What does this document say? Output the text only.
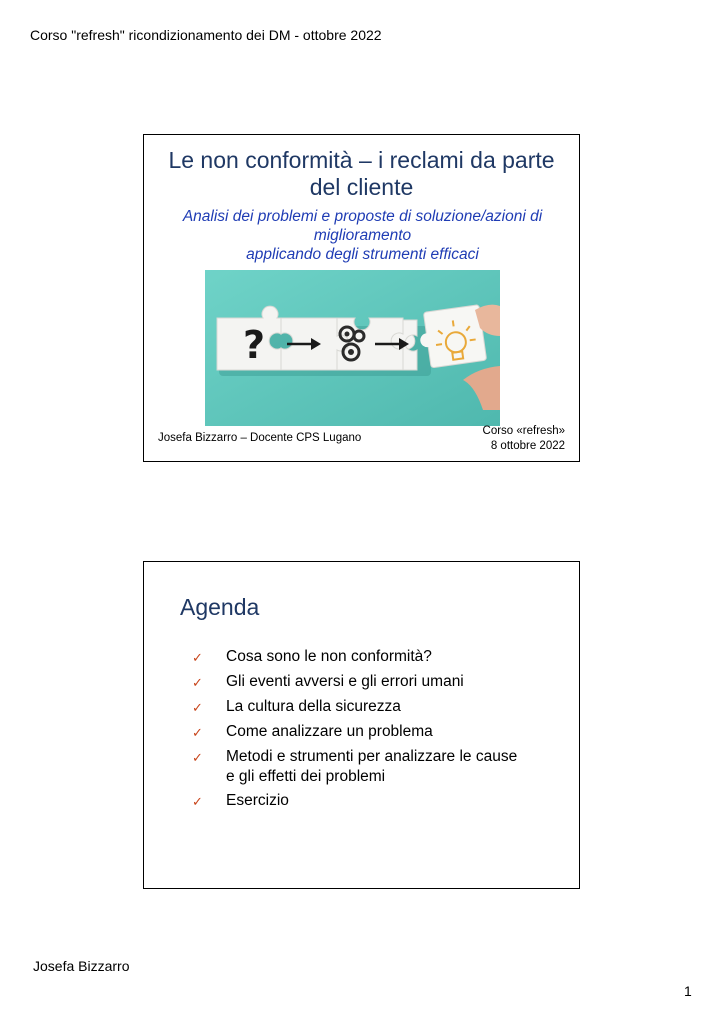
Corso "refresh" ricondizionamento dei DM - ottobre 2022
Le non conformità – i reclami da parte
del cliente
Analisi dei problemi e proposte di soluzione/azioni di
miglioramento
applicando degli strumenti efficaci
?
Josefa Bizzarro – Docente CPS Lugano
Corso «refresh»
8 ottobre 2022
Agenda
✓	Cosa sono le non conformità?
✓	Gli eventi avversi e gli errori umani
✓	La cultura della sicurezza
✓	Come analizzare un problema
✓	Metodi e strumenti per analizzare le cause
e gli effetti dei problemi
✓	Esercizio
Josefa Bizzarro
1
